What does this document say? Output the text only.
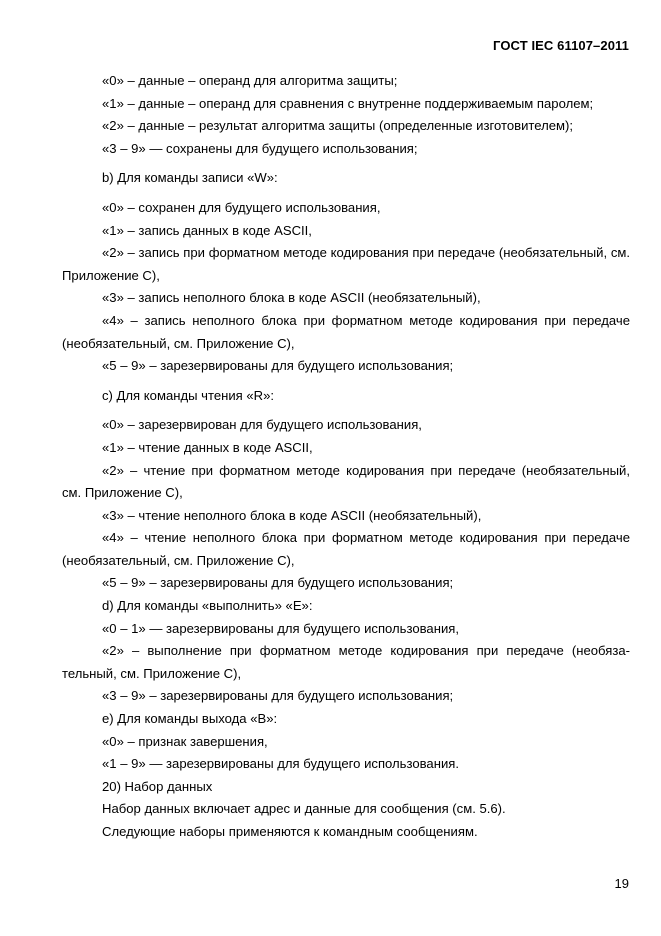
ГОСТ IEC 61107–2011

«0» – данные – операнд для алгоритма защиты;

«1» – данные – операнд для сравнения с внутренне поддерживаемым паролем;

«2» – данные – результат алгоритма защиты (определенные изготовителем);

«3 – 9» — сохранены для будущего использования;

b) Для команды записи «W»:

«0» – сохранен для будущего использования,

«1» – запись данных в коде ASCII,

«2» – запись при форматном методе кодирования при передаче (необязательный, см. Приложение С),

«3» – запись неполного блока в коде ASCII (необязательный),

«4» – запись неполного блока при форматном методе кодирования при передаче (необязательный, см. Приложение С),

«5 – 9» – зарезервированы для будущего использования;

c) Для команды чтения «R»:

«0» – зарезервирован для будущего использования,

«1» – чтение данных в коде ASCII,

«2» – чтение при форматном методе кодирования при передаче (необязательный, см. Приложение С),

«3» – чтение неполного блока в коде ASCII (необязательный),

«4» – чтение неполного блока при форматном методе кодирования при передаче (необязательный, см. Приложение С),

«5 – 9» – зарезервированы для будущего использования;

d) Для команды «выполнить» «Е»:

«0 – 1» — зарезервированы для будущего использования,

«2» – выполнение при форматном методе кодирования при передаче (необяза-тельный, см. Приложение С),

«3 – 9» – зарезервированы для будущего использования;

e) Для команды выхода «В»:

«0» – признак завершения,

«1 – 9» — зарезервированы для будущего использования.

20) Набор данных

Набор данных включает адрес и данные для сообщения (см. 5.6).

Следующие наборы применяются к командным сообщениям.

19
